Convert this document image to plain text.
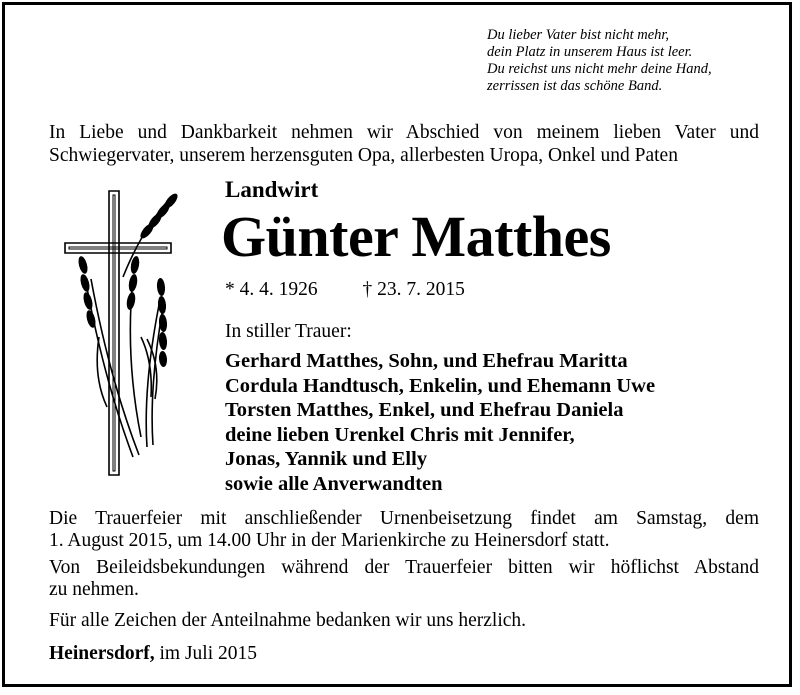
Du lieber Vater bist nicht mehr,
dein Platz in unserem Haus ist leer.
Du reichst uns nicht mehr deine Hand,
zerrissen ist das schöne Band.
In Liebe und Dankbarkeit nehmen wir Abschied von meinem lieben Vater und
Schwiegervater, unserem herzensguten Opa, allerbesten Uropa, Onkel und Paten
Landwirt
Günter Matthes
* 4. 4. 1926 † 23. 7. 2015
In stiller Trauer:
Gerhard Matthes, Sohn, und Ehefrau Maritta
Cordula Handtusch, Enkelin, und Ehemann Uwe
Torsten Matthes, Enkel, und Ehefrau Daniela
deine lieben Urenkel Chris mit Jennifer,
Jonas, Yannik und Elly
sowie alle Anverwandten
Die Trauerfeier mit anschließender Urnenbeisetzung findet am Samstag, dem
1. August 2015, um 14.00 Uhr in der Marienkirche zu Heinersdorf statt.
Von Beileidsbekundungen während der Trauerfeier bitten wir höflichst Abstand
zu nehmen.
Für alle Zeichen der Anteilnahme bedanken wir uns herzlich.
Heinersdorf, im Juli 2015
